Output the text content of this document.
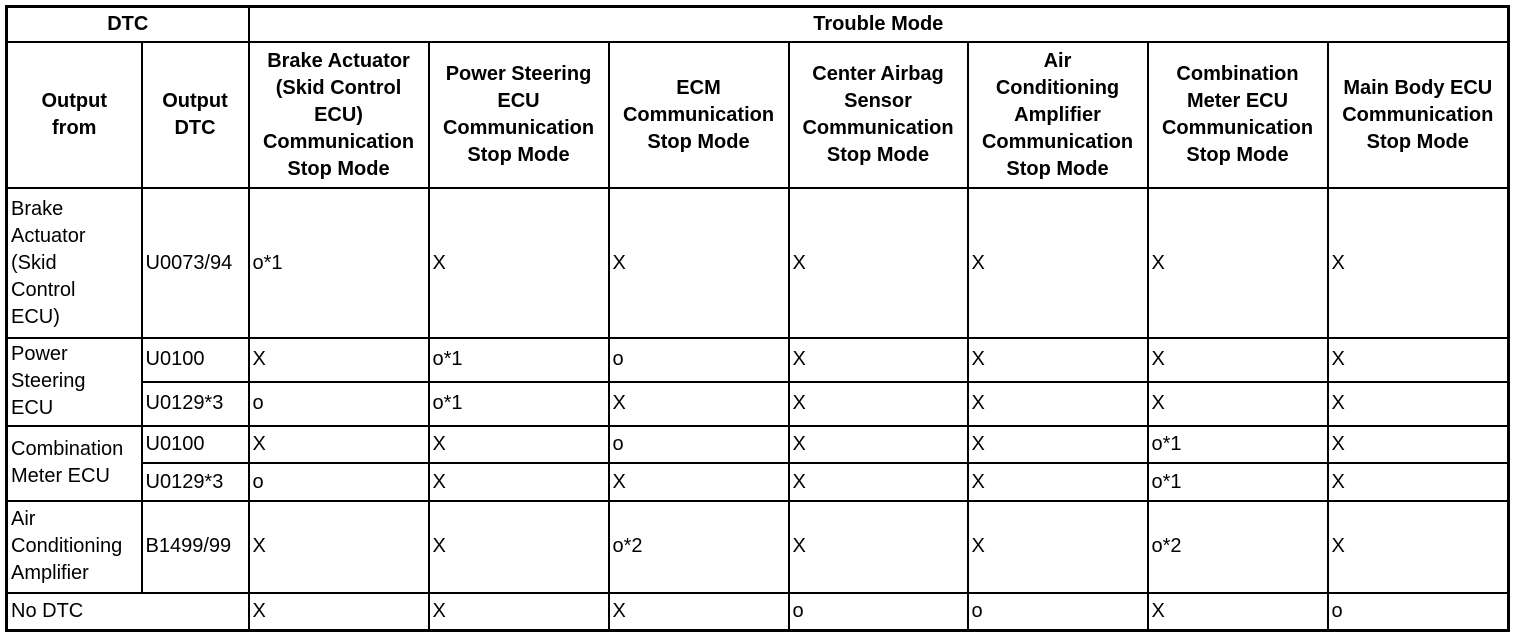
DTC		Trouble Mode						
Output
from	Output
DTC	Brake Actuator
(Skid Control
ECU)
Communication
Stop Mode	Power Steering
ECU
Communication
Stop Mode	ECM
Communication
Stop Mode	Center Airbag
Sensor
Communication
Stop Mode	Air
Conditioning
Amplifier
Communication
Stop Mode	Combination
Meter ECU
Communication
Stop Mode	Main Body ECU
Communication
Stop Mode
Brake
Actuator
(Skid
Control
ECU)	U0073/94	o*1	X	X	X	X	X	X
Power
Steering
ECU	U0100	X	o*1	o	X	X	X	X
	U0129*3	o	o*1	X	X	X	X	X
Combination
Meter ECU	U0100	X	X	o	X	X	o*1	X
	U0129*3	o	X	X	X	X	o*1	X
Air
Conditioning
Amplifier	B1499/99	X	X	o*2	X	X	o*2	X
No DTC		X	X	X	o	o	X	o
